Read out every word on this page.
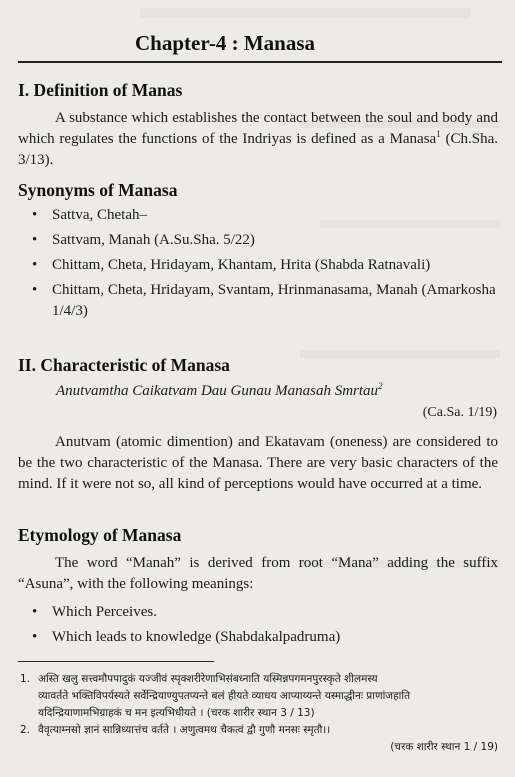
Chapter-4 : Manasa
I. Definition of Manas

A substance which establishes the contact between the soul and body and which regulates the functions of the Indriyas is defined as a Manasa$^1$ (Ch.Sha. 3/13).

Synonyms of Manasa
• Sattva, Chetah–
• Sattvam, Manah (A.Su.Sha. 5/22)
• Chittam, Cheta, Hridayam, Khantam, Hrita (Shabda Ratnavali)
• Chittam, Cheta, Hridayam, Svantam, Hrinmanasama, Manah (Amarkosha 1/4/3)
II. Characteristic of Manasa
Anutvamtha Caikatvam Dau Gunau Manasah Smrtau$^2$
(Ca.Sa. 1/19)

Anutvam (atomic dimention) and Ekatavam (oneness) are considered to be the two characteristic of the Manasa. There are very basic characters of the mind. If it were not so, all kind of perceptions would have occurred at a time.

Etymology of Manasa

The word “Manah” is derived from root “Mana” adding the suffix “Asuna”, with the following meanings:

• Which Perceives.
• Which leads to knowledge (Shabdakalpadruma)
1. अस्ति खलु सत्त्वमौपपादुकं यज्जीवं स्पृक्शरीरेणाभिसंबध्नाति यस्मिन्नपगमनपुरस्कृते शीलमस्य
व्यावर्तते भक्तिविपर्यस्यते सर्वेन्द्रियाण्युपतप्यन्ते बलं हीयते व्याधय आप्याय्यन्ते यस्माद्धीनः प्राणांजहाति
यदिन्द्रियाणामभिग्राहकं च मन इत्यभिधीयते । (चरक शारीर स्थान 3 / 13)
2. वैवृत्याम्नसो ज्ञानं सान्निध्यात्तंच वर्तते । अणुत्वमथ चैकत्वं द्वौ गुणौ मनसः स्मृतौ।।
(चरक शारीर स्थान 1 / 19)
